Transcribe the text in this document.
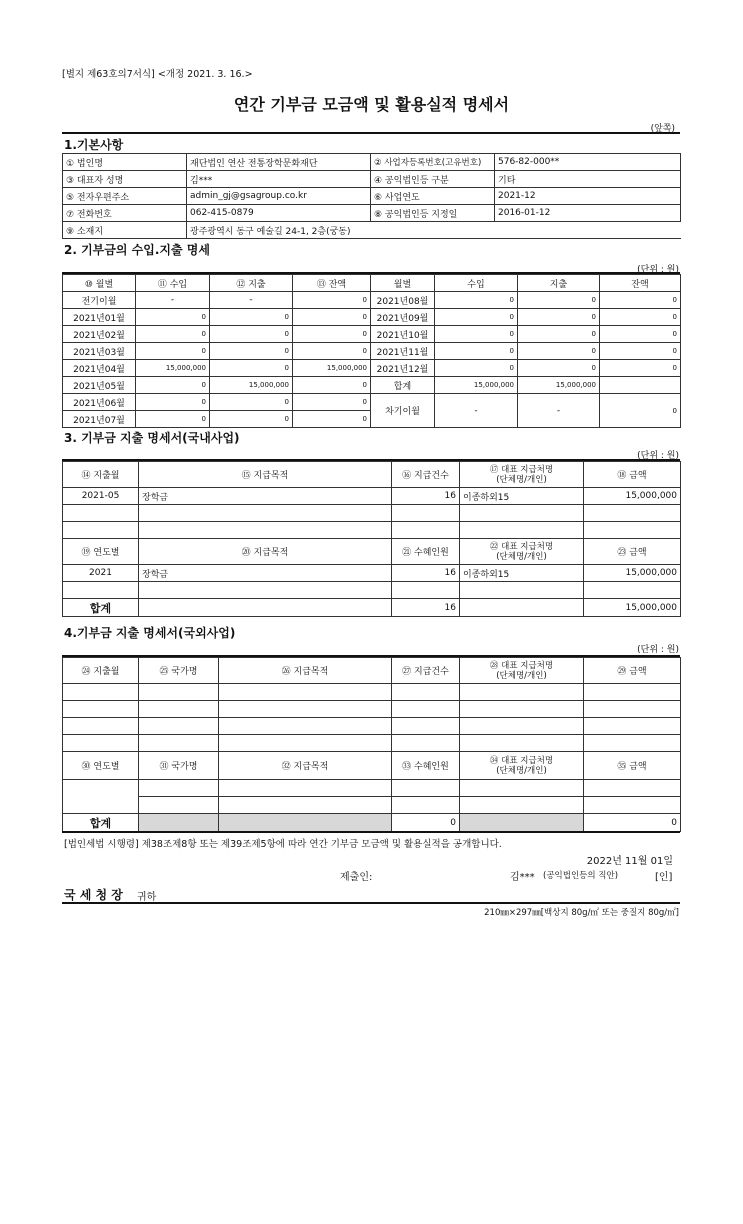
[별지 제63호의7서식] <개정 2021. 3. 16.>
연간 기부금 모금액 및 활용실적 명세서
(앞쪽)
1.기본사항
① 법인명	재단법인 연산 전통장학문화재단	② 사업자등록번호(고유번호)	576-82-000**
③ 대표자 성명	김***	④ 공익법인등 구분	기타
⑤ 전자우편주소	admin_gj@gsagroup.co.kr	⑥ 사업연도	2021-12
⑦ 전화번호	062-415-0879	⑧ 공익법인등 지정일	2016-01-12
⑨ 소재지	광주광역시 동구 예술길 24-1, 2층(궁동)		
2. 기부금의 수입.지출 명세
(단위 : 원)
⑩ 월별	⑪ 수입	⑫ 지출	⑬ 잔액	월별	수입	지출	잔액
전기이월	-	-	0	2021년08월	0	0	0
2021년01월	0	0	0	2021년09월	0	0	0
2021년02월	0	0	0	2021년10월	0	0	0
2021년03월	0	0	0	2021년11월	0	0	0
2021년04월	15,000,000	0	15,000,000	2021년12월	0	0	0
2021년05월	0	15,000,000	0	합계	15,000,000	15,000,000	
2021년06월	0	0	0	차기이월	-	-	0
2021년07월	0	0	0				
3. 기부금 지출 명세서(국내사업)
(단위 : 원)
⑭ 지출월	⑮ 지급목적	⑯ 지급건수	⑰ 대표 지급처명
(단체명/개인)	⑱ 금액
2021-05	장학금	16	이종하외15	15,000,000

⑲ 연도별	⑳ 지급목적	㉑ 수혜인원	㉒ 대표 지급처명
(단체명/개인)	㉓ 금액
2021	장학금	16	이종하외15	15,000,000

합계		16		15,000,000
4.기부금 지출 명세서(국외사업)
(단위 : 원)
㉔ 지출월	㉕ 국가명	㉖ 지급목적	㉗ 지급건수	㉘ 대표 지급처명
(단체명/개인)	㉙ 금액

㉚ 연도별	㉛ 국가명	㉜ 지급목적	㉝ 수혜인원	㉞ 대표 지급처명
(단체명/개인)	㉟ 금액

합계			0		0
[법인세법 시행령] 제38조제8항 또는 제39조제5항에 따라 연간 기부금 모금액 및 활용실적을 공개합니다.
2022년 11월 01일
제출인:	김*** (공익법인등의 직안)	[인]
국 세 청 장 귀하
210㎜×297㎜[백상지 80g/㎡ 또는 중질지 80g/㎡]
